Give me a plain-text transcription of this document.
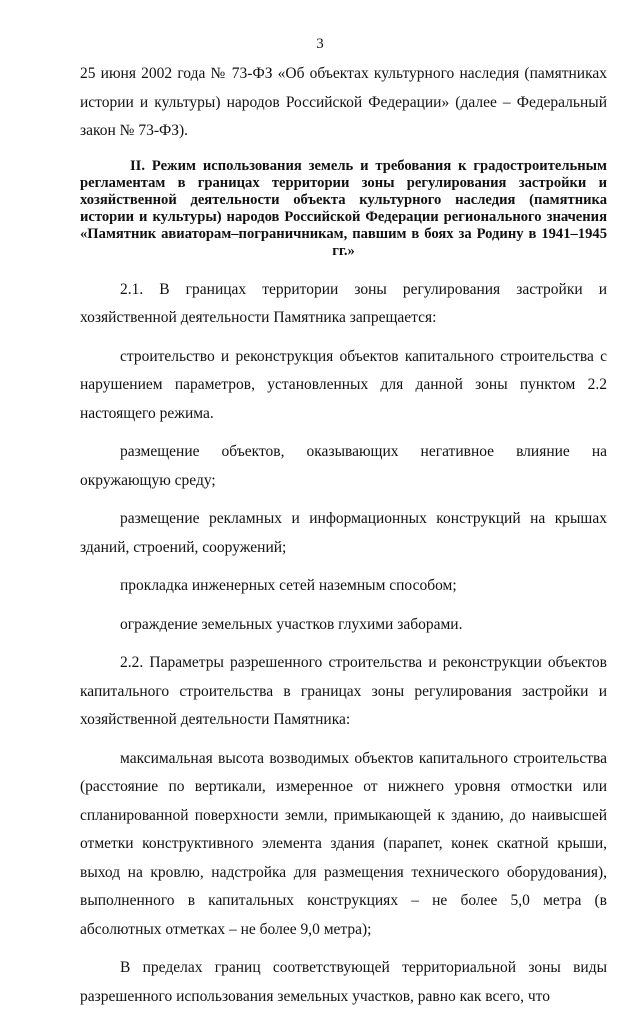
3

25 июня 2002 года № 73-ФЗ «Об объектах культурного наследия (памятниках истории и культуры) народов Российской Федерации» (далее – Федеральный закон № 73-ФЗ).

II. Режим использования земель и требования к градостроительным регламентам в границах территории зоны регулирования застройки и хозяйственной деятельности объекта культурного наследия (памятника истории и культуры) народов Российской Федерации регионального значения «Памятник авиаторам–пограничникам, павшим в боях за Родину в 1941–1945 гг.»

2.1. В границах территории зоны регулирования застройки и хозяйственной деятельности Памятника запрещается:

строительство и реконструкция объектов капитального строительства с нарушением параметров, установленных для данной зоны пунктом 2.2 настоящего режима.

размещение объектов, оказывающих негативное влияние на окружающую среду;

размещение рекламных и информационных конструкций на крышах зданий, строений, сооружений;

прокладка инженерных сетей наземным способом;

ограждение земельных участков глухими заборами.

2.2. Параметры разрешенного строительства и реконструкции объектов капитального строительства в границах зоны регулирования застройки и хозяйственной деятельности Памятника:

максимальная высота возводимых объектов капитального строительства (расстояние по вертикали, измеренное от нижнего уровня отмостки или спланированной поверхности земли, примыкающей к зданию, до наивысшей отметки конструктивного элемента здания (парапет, конек скатной крыши, выход на кровлю, надстройка для размещения технического оборудования), выполненного в капитальных конструкциях – не более 5,0 метра (в абсолютных отметках – не более 9,0 метра);

В пределах границ соответствующей территориальной зоны виды разрешенного использования земельных участков, равно как всего, что
